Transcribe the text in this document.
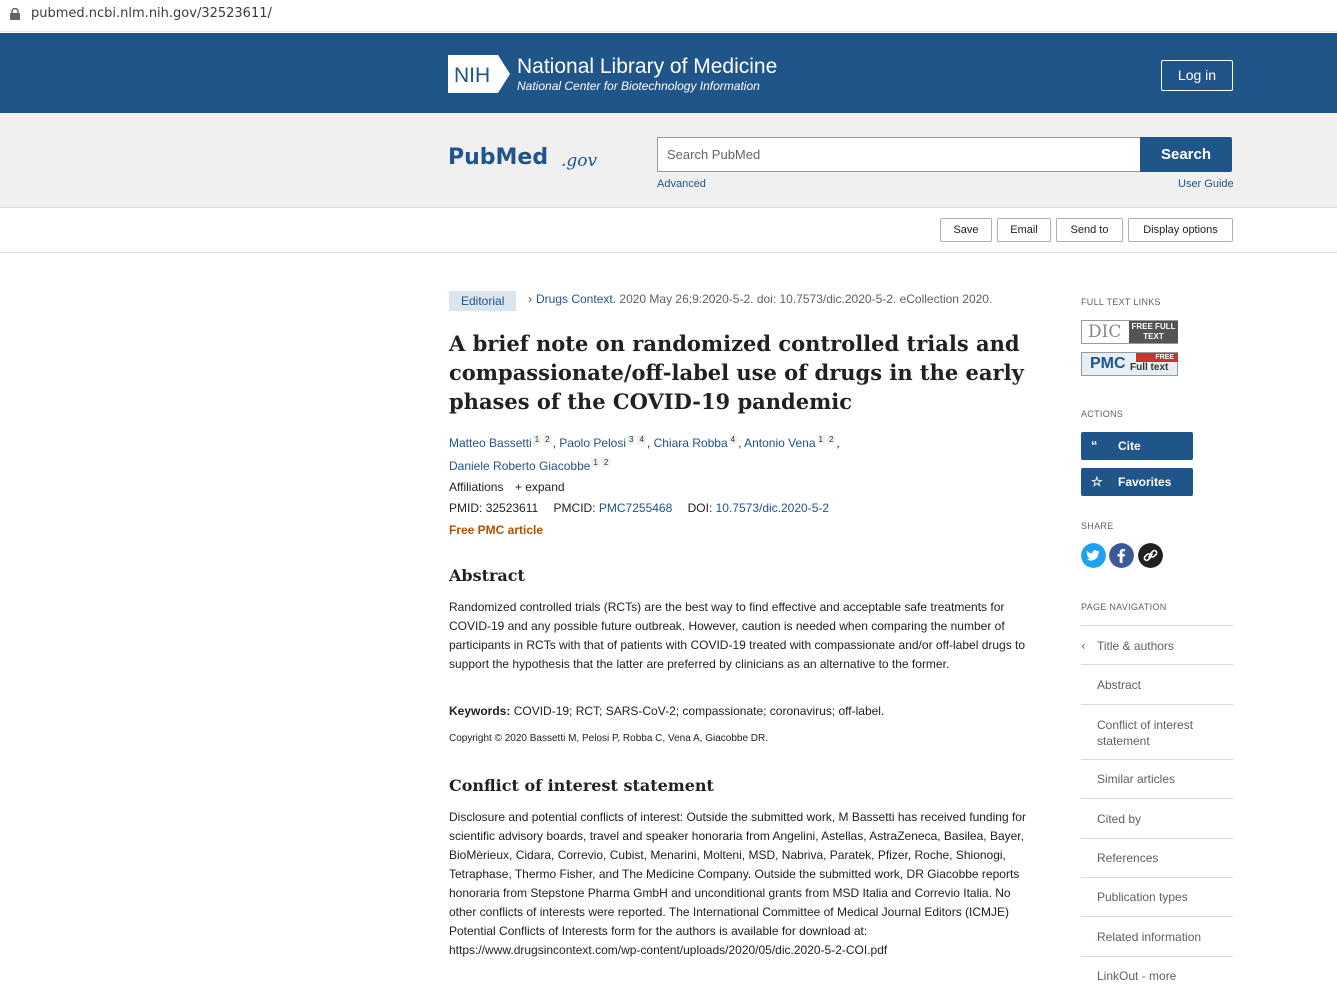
pubmed.ncbi.nlm.nih.gov/32523611/
NIH National Library of Medicine
National Center for Biotechnology Information
Log in
PubMed .gov	Search PubMed	Search
Advanced	User Guide
Save	Email	Send to	Display options
Editorial	› Drugs Context. 2020 May 26;9:2020-5-2. doi: 10.7573/dic.2020-5-2. eCollection 2020.
A brief note on randomized controlled trials and compassionate/off-label use of drugs in the early phases of the COVID-19 pandemic
Matteo Bassetti $^1$ $^2$ , Paolo Pelosi $^3$ $^4$ , Chiara Robba $^4$ , Antonio Vena $^1$ $^2$ ,
Daniele Roberto Giacobbe $^1$ $^2$
Affiliations + expand
PMID: 32523611 PMCID: PMC7255468 DOI: 10.7573/dic.2020-5-2
Free PMC article
Abstract

Randomized controlled trials (RCTs) are the best way to find effective and acceptable safe treatments for COVID-19 and any possible future outbreak. However, caution is needed when comparing the number of participants in RCTs with that of patients with COVID-19 treated with compassionate and/or off-label drugs to support the hypothesis that the latter are preferred by clinicians as an alternative to the former.

Keywords: COVID-19; RCT; SARS-CoV-2; compassionate; coronavirus; off-label.
Copyright © 2020 Bassetti M, Pelosi P, Robba C, Vena A, Giacobbe DR.
Conflict of interest statement

Disclosure and potential conflicts of interest: Outside the submitted work, M Bassetti has received funding for scientific advisory boards, travel and speaker honoraria from Angelini, Astellas, AstraZeneca, Basilea, Bayer, BioMèrieux, Cidara, Correvio, Cubist, Menarini, Molteni, MSD, Nabriva, Paratek, Pfizer, Roche, Shionogi, Tetraphase, Thermo Fisher, and The Medicine Company. Outside the submitted work, DR Giacobbe reports honoraria from Stepstone Pharma GmbH and unconditional grants from MSD Italia and Correvio Italia. No other conflicts of interests were reported. The International Committee of Medical Journal Editors (ICMJE) Potential Conflicts of Interests form for the authors is available for download at: https://www.drugsincontext.com/wp-content/uploads/2020/05/dic.2020-5-2-COI.pdf

FULL TEXT LINKS
DIC	FREE FULL TEXT
PMC	FREE
Full text
ACTIONS
“ Cite
☆ Favorites
SHARE
PAGE NAVIGATION
‹ Title & authors
Abstract
Conflict of interest statement
Similar articles
Cited by
References
Publication types
Related information
LinkOut - more
